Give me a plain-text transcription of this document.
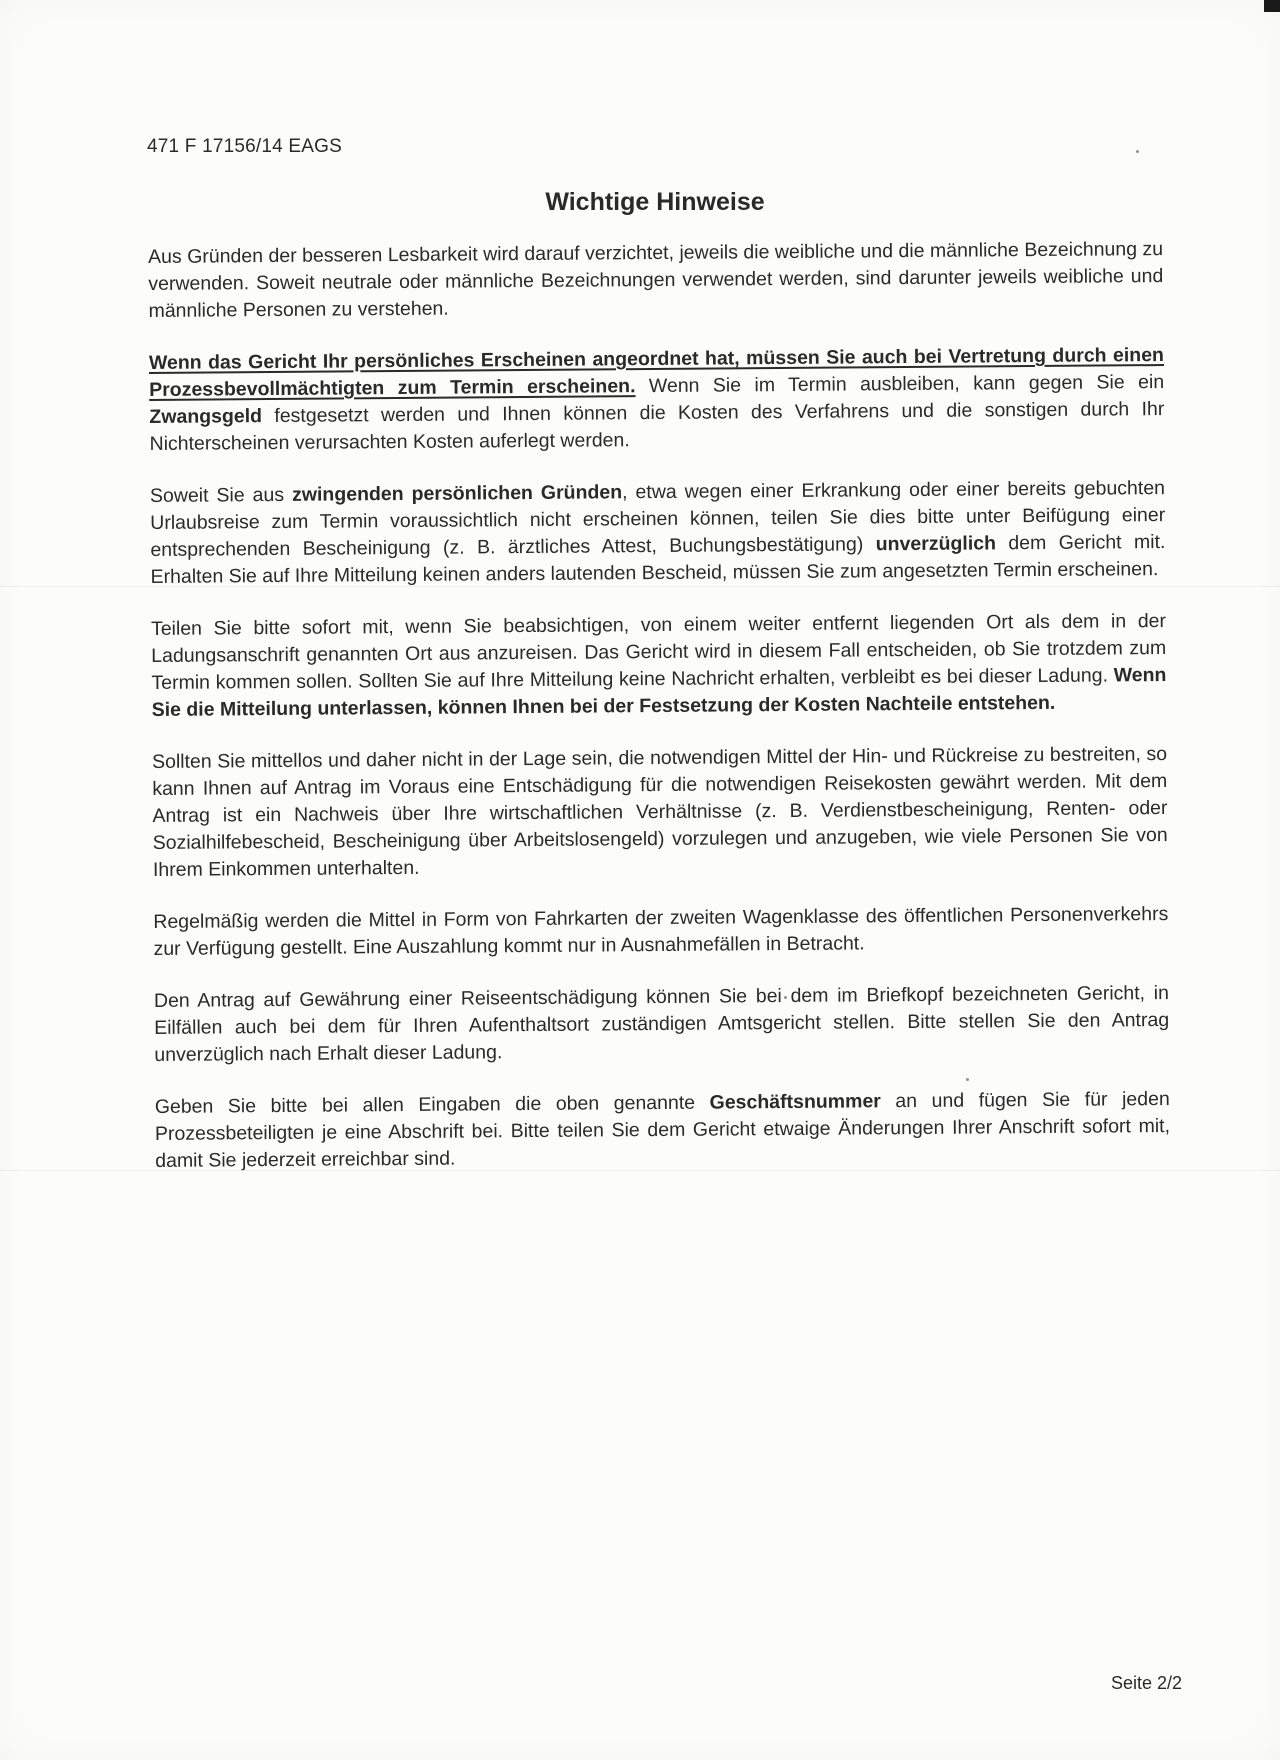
471 F 17156/14 EAGS
Wichtige Hinweise

Aus Gründen der besseren Lesbarkeit wird darauf verzichtet, jeweils die weibliche und die männliche Bezeichnung zu verwenden. Soweit neutrale oder männliche Bezeichnungen verwendet werden, sind darunter jeweils weibliche und männliche Personen zu verstehen.

Wenn das Gericht Ihr persönliches Erscheinen angeordnet hat, müssen Sie auch bei Vertretung durch einen Prozessbevollmächtigten zum Termin erscheinen. Wenn Sie im Termin ausbleiben, kann gegen Sie ein Zwangsgeld festgesetzt werden und Ihnen können die Kosten des Verfahrens und die sonstigen durch Ihr Nichterscheinen verursachten Kosten auferlegt werden.

Soweit Sie aus zwingenden persönlichen Gründen, etwa wegen einer Erkrankung oder einer bereits gebuchten Urlaubsreise zum Termin voraussichtlich nicht erscheinen können, teilen Sie dies bitte unter Beifügung einer entsprechenden Bescheinigung (z. B. ärztliches Attest, Buchungsbestätigung) unverzüglich dem Gericht mit. Erhalten Sie auf Ihre Mitteilung keinen anders lautenden Bescheid, müssen Sie zum angesetzten Termin erscheinen.

Teilen Sie bitte sofort mit, wenn Sie beabsichtigen, von einem weiter entfernt liegenden Ort als dem in der Ladungsanschrift genannten Ort aus anzureisen. Das Gericht wird in diesem Fall entscheiden, ob Sie trotzdem zum Termin kommen sollen. Sollten Sie auf Ihre Mitteilung keine Nachricht erhalten, verbleibt es bei dieser Ladung. Wenn Sie die Mitteilung unterlassen, können Ihnen bei der Festsetzung der Kosten Nachteile entstehen.

Sollten Sie mittellos und daher nicht in der Lage sein, die notwendigen Mittel der Hin- und Rückreise zu bestreiten, so kann Ihnen auf Antrag im Voraus eine Entschädigung für die notwendigen Reisekosten gewährt werden. Mit dem Antrag ist ein Nachweis über Ihre wirtschaftlichen Verhältnisse (z. B. Verdienstbescheinigung, Renten- oder Sozialhilfebescheid, Bescheinigung über Arbeitslosengeld) vorzulegen und anzugeben, wie viele Personen Sie von Ihrem Einkommen unterhalten.

Regelmäßig werden die Mittel in Form von Fahrkarten der zweiten Wagenklasse des öffentlichen Personenverkehrs zur Verfügung gestellt. Eine Auszahlung kommt nur in Ausnahmefällen in Betracht.

Den Antrag auf Gewährung einer Reiseentschädigung können Sie bei dem im Briefkopf bezeichneten Gericht, in Eilfällen auch bei dem für Ihren Aufenthaltsort zuständigen Amtsgericht stellen. Bitte stellen Sie den Antrag unverzüglich nach Erhalt dieser Ladung.

Geben Sie bitte bei allen Eingaben die oben genannte Geschäftsnummer an und fügen Sie für jeden Prozessbeteiligten je eine Abschrift bei. Bitte teilen Sie dem Gericht etwaige Änderungen Ihrer Anschrift sofort mit, damit Sie jederzeit erreichbar sind.

Seite 2/2
